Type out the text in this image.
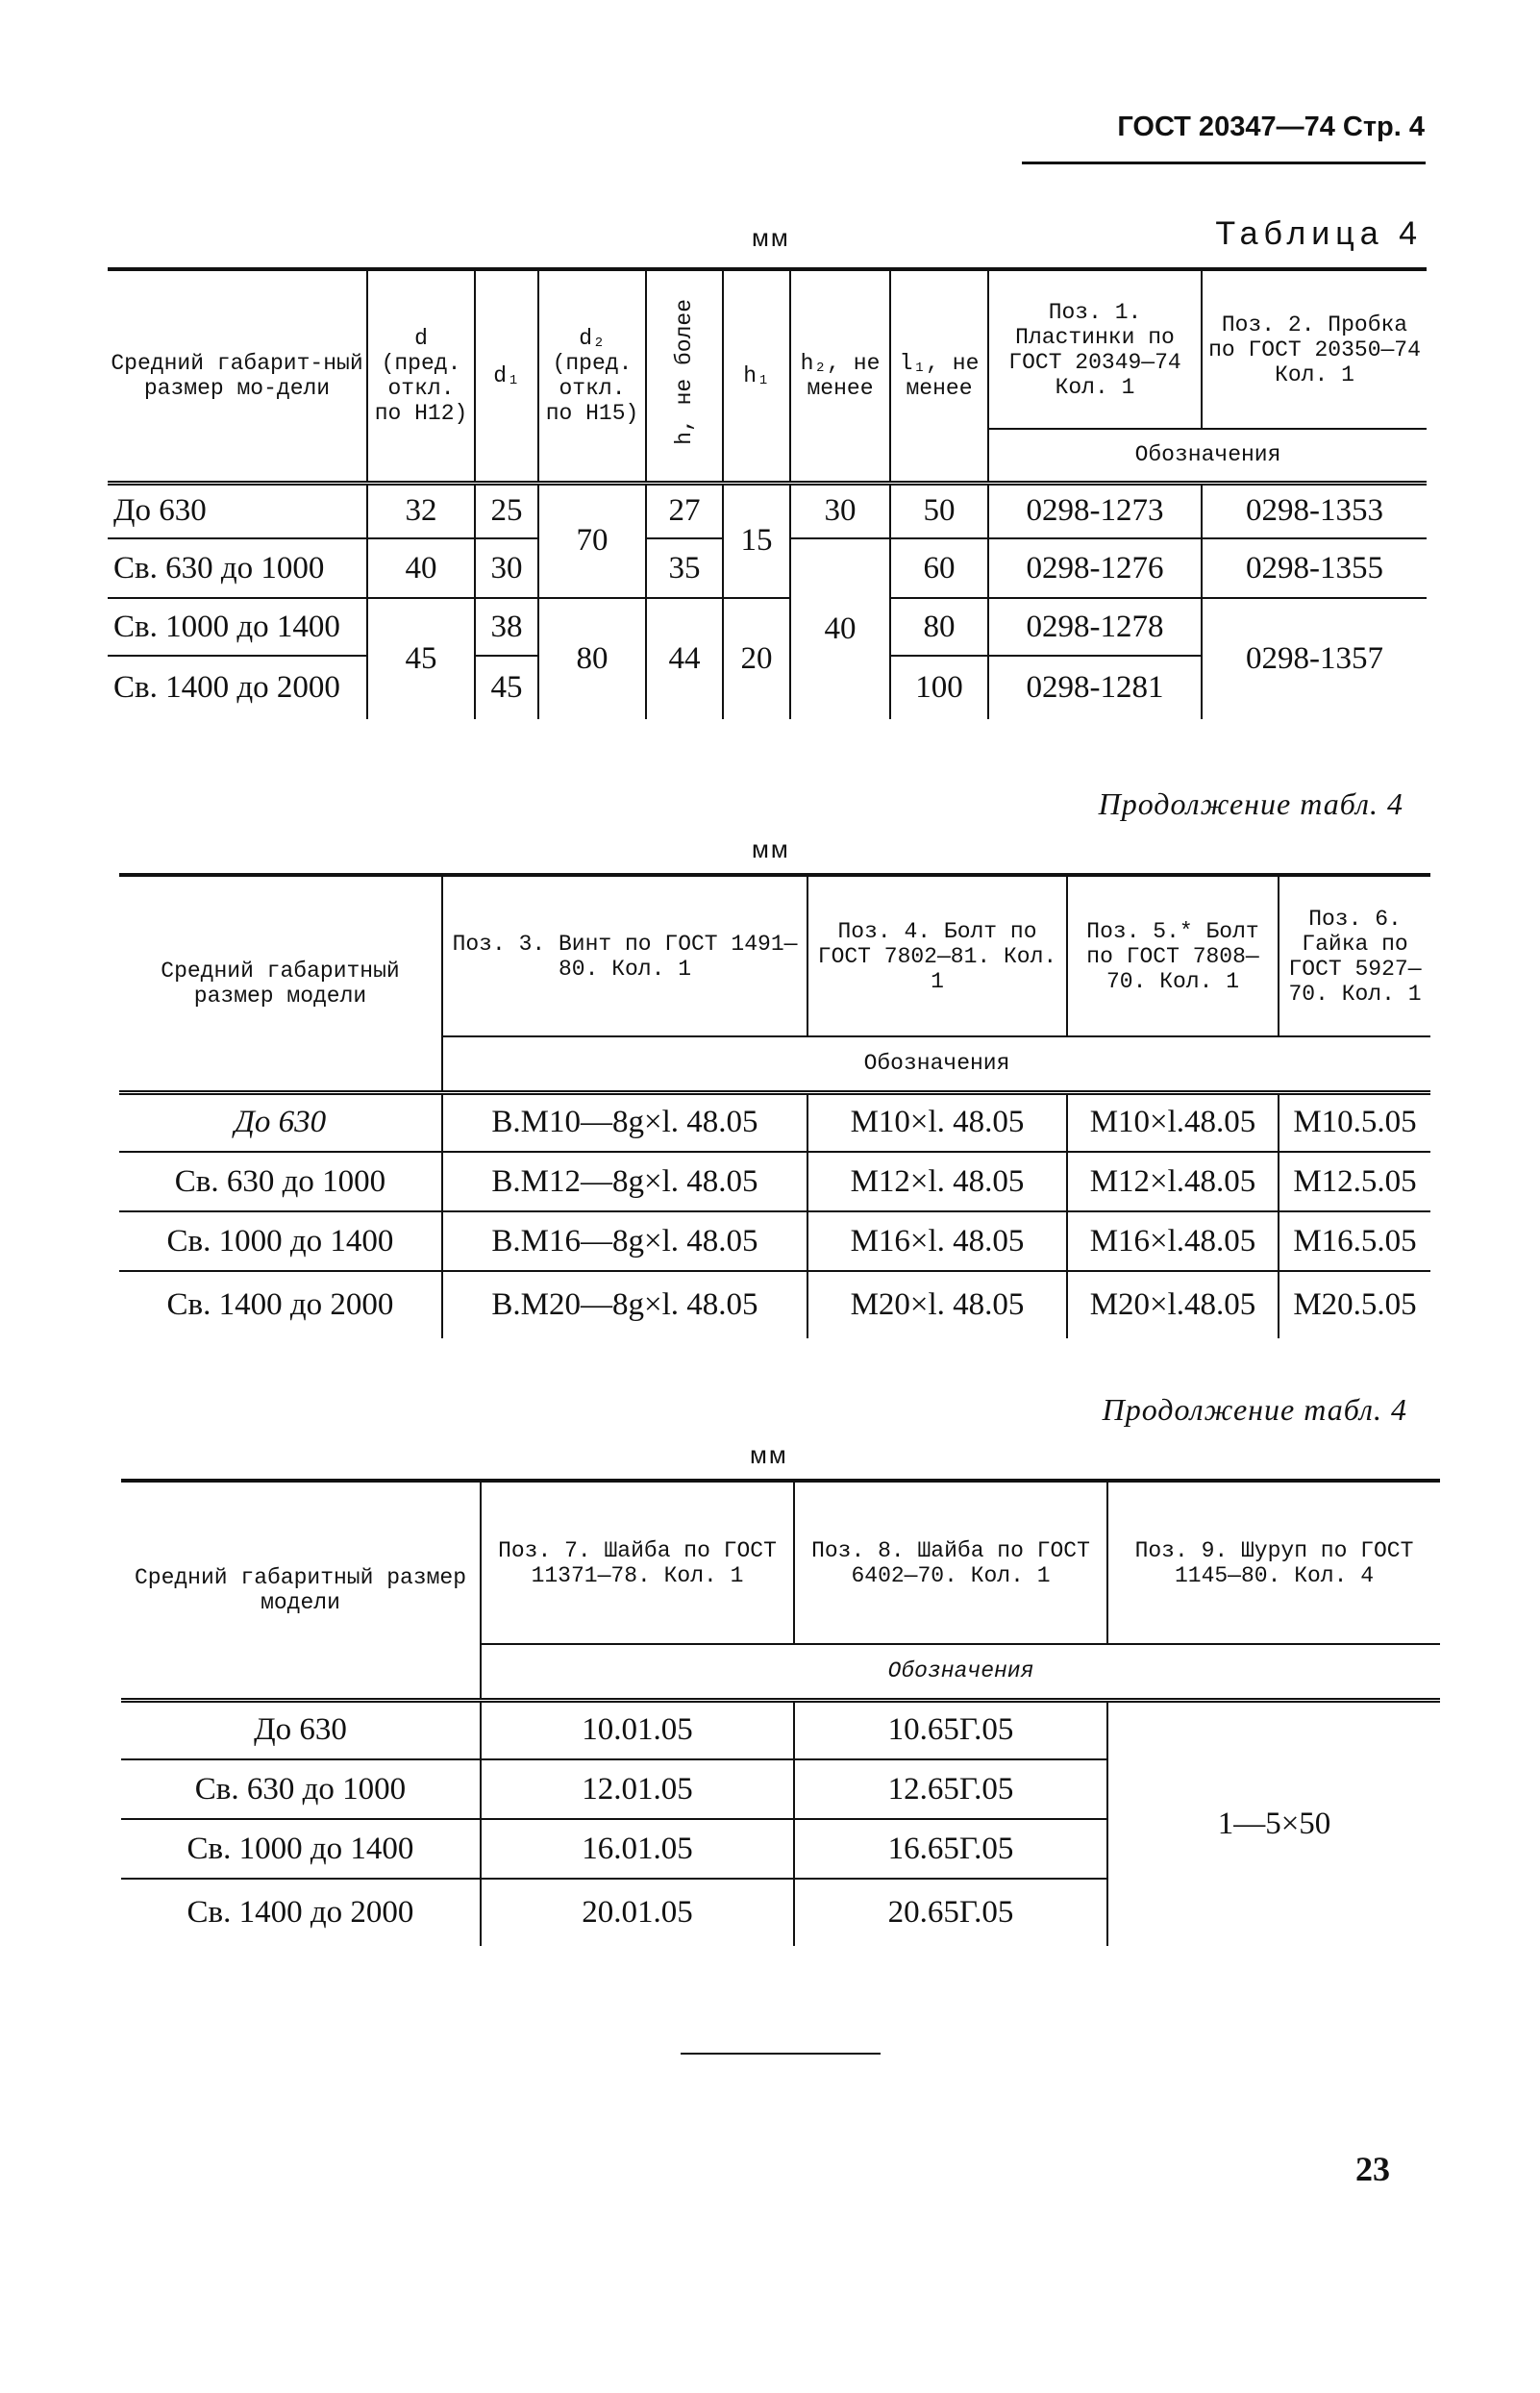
ГОСТ 20347—74 Стр. 4
мм	Таблица 4
Средний габарит-ный размер мо-дели	d (пред. откл. по H12)	d₁	d₂ (пред. откл. по H15)	h, не более	h₁	h₂, не менее	l₁, не менее	Поз. 1. Пластинки по ГОСТ 20349—74 Кол. 1	Поз. 2. Пробка по ГОСТ 20350—74 Кол. 1
								Обозначения	
До 630	32	25	70	27	15	30	50	0298-1273	0298-1353
Св. 630 до 1000	40	30		35		40	60	0298-1276	0298-1355
Св. 1000 до 1400	45	38	80	44	20		80	0298-1278	0298-1357
Св. 1400 до 2000		45					100	0298-1281	
Продолжение табл. 4
мм
Средний габаритный размер модели	Поз. 3. Винт по ГОСТ 1491—80. Кол. 1	Поз. 4. Болт по ГОСТ 7802—81. Кол. 1	Поз. 5.* Болт по ГОСТ 7808—70. Кол. 1	Поз. 6. Гайка по ГОСТ 5927—70. Кол. 1
	Обозначения			
До 630	В.М10—8g×l. 48.05	М10×l. 48.05	М10×l.48.05	М10.5.05
Св. 630 до 1000	В.М12—8g×l. 48.05	М12×l. 48.05	М12×l.48.05	М12.5.05
Св. 1000 до 1400	В.М16—8g×l. 48.05	М16×l. 48.05	М16×l.48.05	М16.5.05
Св. 1400 до 2000	В.М20—8g×l. 48.05	М20×l. 48.05	М20×l.48.05	М20.5.05
Продолжение табл. 4
мм
Средний габаритный размер модели	Поз. 7. Шайба по ГОСТ 11371—78. Кол. 1	Поз. 8. Шайба по ГОСТ 6402—70. Кол. 1	Поз. 9. Шуруп по ГОСТ 1145—80. Кол. 4
	Обозначения		
До 630	10.01.05	10.65Г.05	1—5×50
Св. 630 до 1000	12.01.05	12.65Г.05	
Св. 1000 до 1400	16.01.05	16.65Г.05	
Св. 1400 до 2000	20.01.05	20.65Г.05	
23
